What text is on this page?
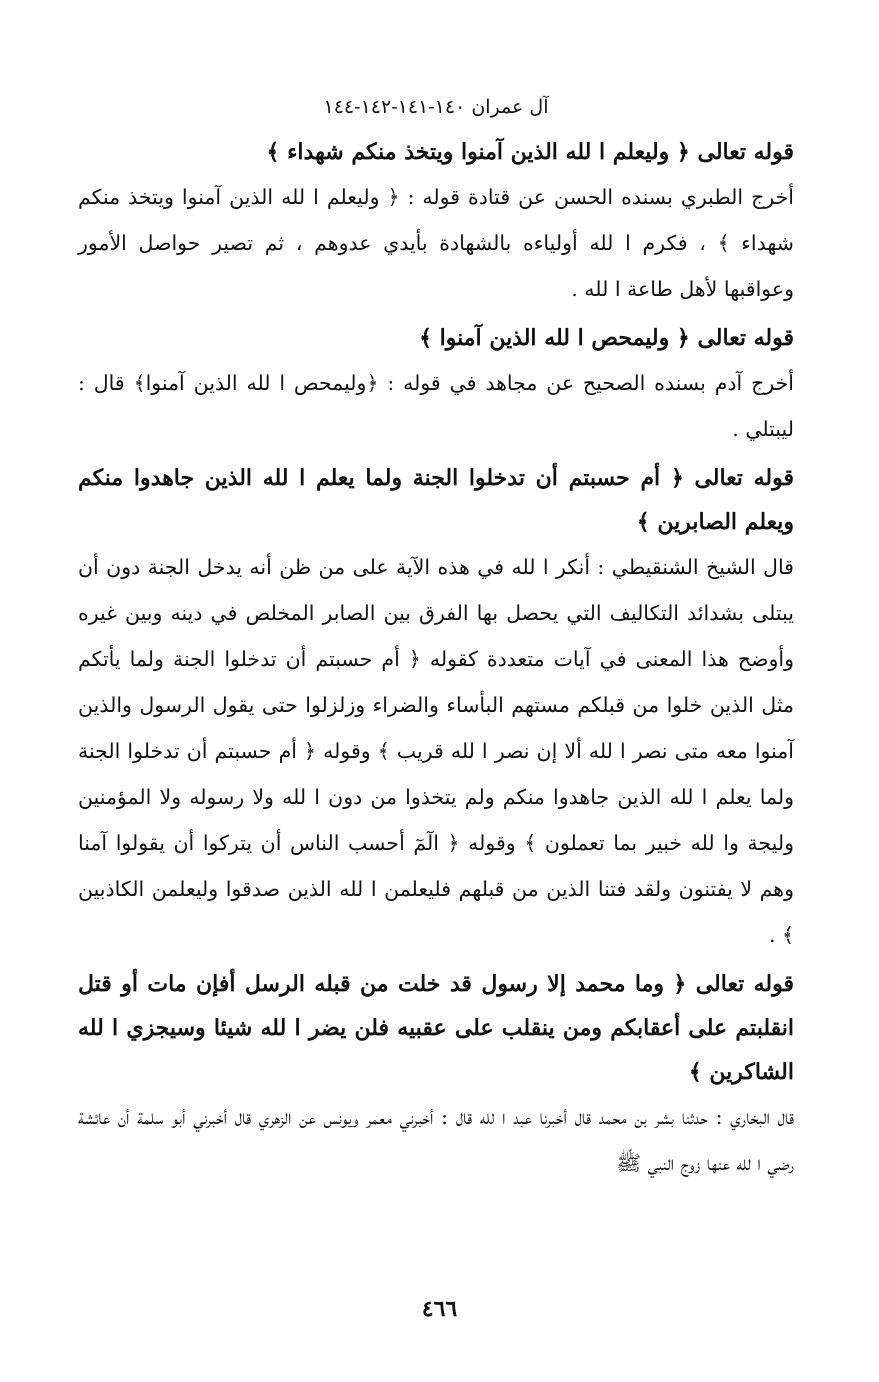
آل عمران ١٤٠-١٤١-١٤٢-١٤٤

قوله تعالى ﴿ وليعلم ا لله الذين آمنوا ويتخذ منكم شهداء ﴾

أخرج الطبري بسنده الحسن عن قتادة قوله : ﴿ وليعلم ا لله الذين آمنوا ويتخذ منكم شهداء ﴾ ، فكرم ا لله أولياءه بالشهادة بأيدي عدوهم ، ثم تصير حواصل الأمور وعواقبها لأهل طاعة ا لله .

قوله تعالى ﴿ وليمحص ا لله الذين آمنوا ﴾

أخرج آدم بسنده الصحيح عن مجاهد في قوله : ﴿وليمحص ا لله الذين آمنوا﴾ قال : ليبتلي .

قوله تعالى ﴿ أم حسبتم أن تدخلوا الجنة ولما يعلم ا لله الذين جاهدوا منكم ويعلم الصابرين ﴾

قال الشيخ الشنقيطي : أنكر ا لله في هذه الآية على من ظن أنه يدخل الجنة دون أن يبتلى بشدائد التكاليف التي يحصل بها الفرق بين الصابر المخلص في دينه وبين غيره وأوضح هذا المعنى في آيات متعددة كقوله ﴿ أم حسبتم أن تدخلوا الجنة ولما يأتكم مثل الذين خلوا من قبلكم مستهم البأساء والضراء وزلزلوا حتى يقول الرسول والذين آمنوا معه متى نصر ا لله ألا إن نصر ا لله قريب ﴾ وقوله ﴿ أم حسبتم أن تدخلوا الجنة ولما يعلم ا لله الذين جاهدوا منكم ولم يتخذوا من دون ا لله ولا رسوله ولا المؤمنين وليجة وا لله خبير بما تعملون ﴾ وقوله ﴿ الٓمٓ أحسب الناس أن يتركوا أن يقولوا آمنا وهم لا يفتنون ولقد فتنا الذين من قبلهم فليعلمن ا لله الذين صدقوا وليعلمن الكاذبين ﴾ .

قوله تعالى ﴿ وما محمد إلا رسول قد خلت من قبله الرسل أفإن مات أو قتل انقلبتم على أعقابكم ومن ينقلب على عقبيه فلن يضر ا لله شيئا وسيجزي ا لله الشاكرين ﴾

قال البخاري : حدثنا بشر بن محمد قال أخبرنا عبد ا لله قال : أخبرني معمر ويونس عن الزهري قال أخبرني أبو سلمة أن عائشة رضي ا لله عنها زوج النبي ﷺ

٤٦٦
